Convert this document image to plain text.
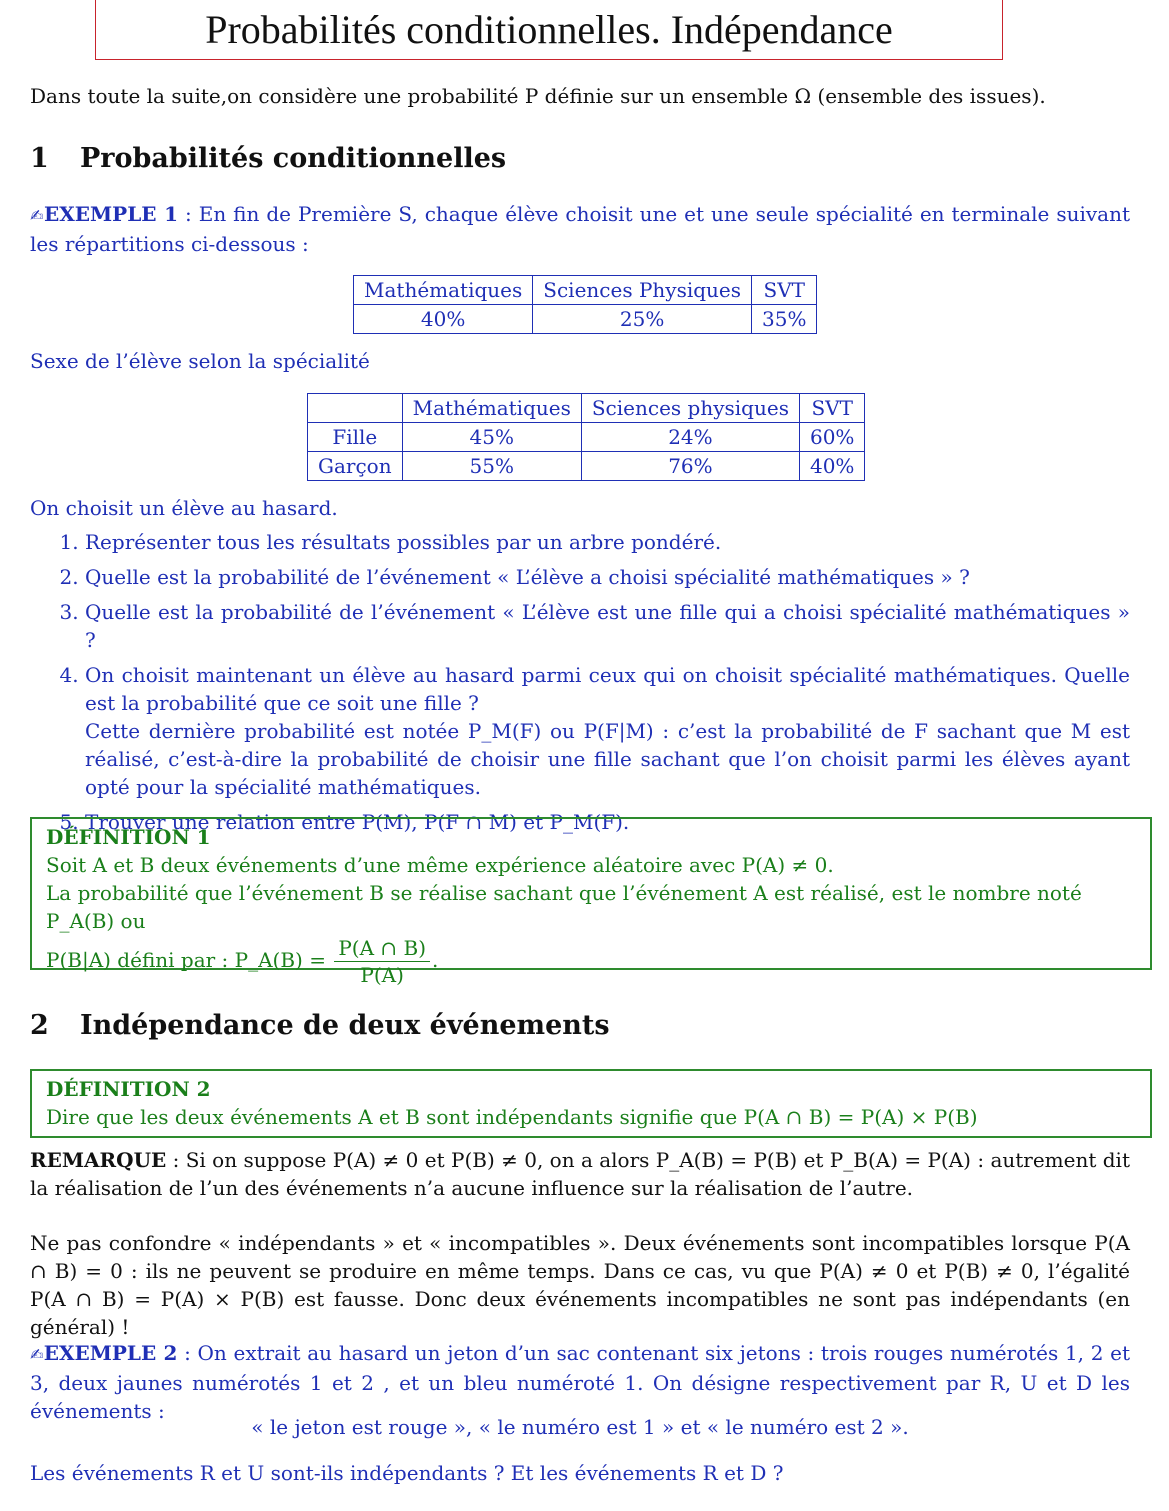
Probabilités conditionnelles. Indépendance
Dans toute la suite,on considère une probabilité P définie sur un ensemble Ω (ensemble des issues).
1 Probabilités conditionnelles
✍EXEMPLE 1 : En fin de Première S, chaque élève choisit une et une seule spécialité en terminale suivant les répartitions ci-dessous :
Mathématiques	Sciences Physiques	SVT
40%	25%	35%
Sexe de l’élève selon la spécialité
	Mathématiques	Sciences physiques	SVT
Fille	45%	24%	60%
Garçon	55%	76%	40%
On choisit un élève au hasard.
1. Représenter tous les résultats possibles par un arbre pondéré.
2. Quelle est la probabilité de l’événement « L’élève a choisi spécialité mathématiques » ?
3. Quelle est la probabilité de l’événement « L’élève est une fille qui a choisi spécialité mathématiques » ?
4. On choisit maintenant un élève au hasard parmi ceux qui on choisit spécialité mathématiques. Quelle est la probabilité que ce soit une fille ?
Cette dernière probabilité est notée P_M(F) ou P(F|M) : c’est la probabilité de F sachant que M est réalisé, c’est-à-dire la probabilité de choisir une fille sachant que l’on choisit parmi les élèves ayant opté pour la spécialité mathématiques.
5. Trouver une relation entre P(M), P(F ∩ M) et P_M(F).
DÉFINITION 1
Soit A et B deux événements d’une même expérience aléatoire avec P(A) ≠ 0.
La probabilité que l’événement B se réalise sachant que l’événement A est réalisé, est le nombre noté P_A(B) ou
P(B|A) défini par : P_A(B) = $\frac{P(A \cap B)}{P(A)}$ .
2 Indépendance de deux événements
DÉFINITION 2
Dire que les deux événements A et B sont indépendants signifie que P(A ∩ B) = P(A) × P(B)
REMARQUE : Si on suppose P(A) ≠ 0 et P(B) ≠ 0, on a alors P_A(B) = P(B) et P_B(A) = P(A) : autrement dit la réalisation de l’un des événements n’a aucune influence sur la réalisation de l’autre.
Ne pas confondre « indépendants » et « incompatibles ». Deux événements sont incompatibles lorsque P(A ∩ B) = 0 : ils ne peuvent se produire en même temps. Dans ce cas, vu que P(A) ≠ 0 et P(B) ≠ 0, l’égalité P(A ∩ B) = P(A) × P(B) est fausse. Donc deux événements incompatibles ne sont pas indépendants (en général) !
✍EXEMPLE 2 : On extrait au hasard un jeton d’un sac contenant six jetons : trois rouges numérotés 1, 2 et 3, deux jaunes numérotés 1 et 2 , et un bleu numéroté 1. On désigne respectivement par R, U et D les événements :
« le jeton est rouge », « le numéro est 1 » et « le numéro est 2 ».
Les événements R et U sont-ils indépendants ? Et les événements R et D ?
